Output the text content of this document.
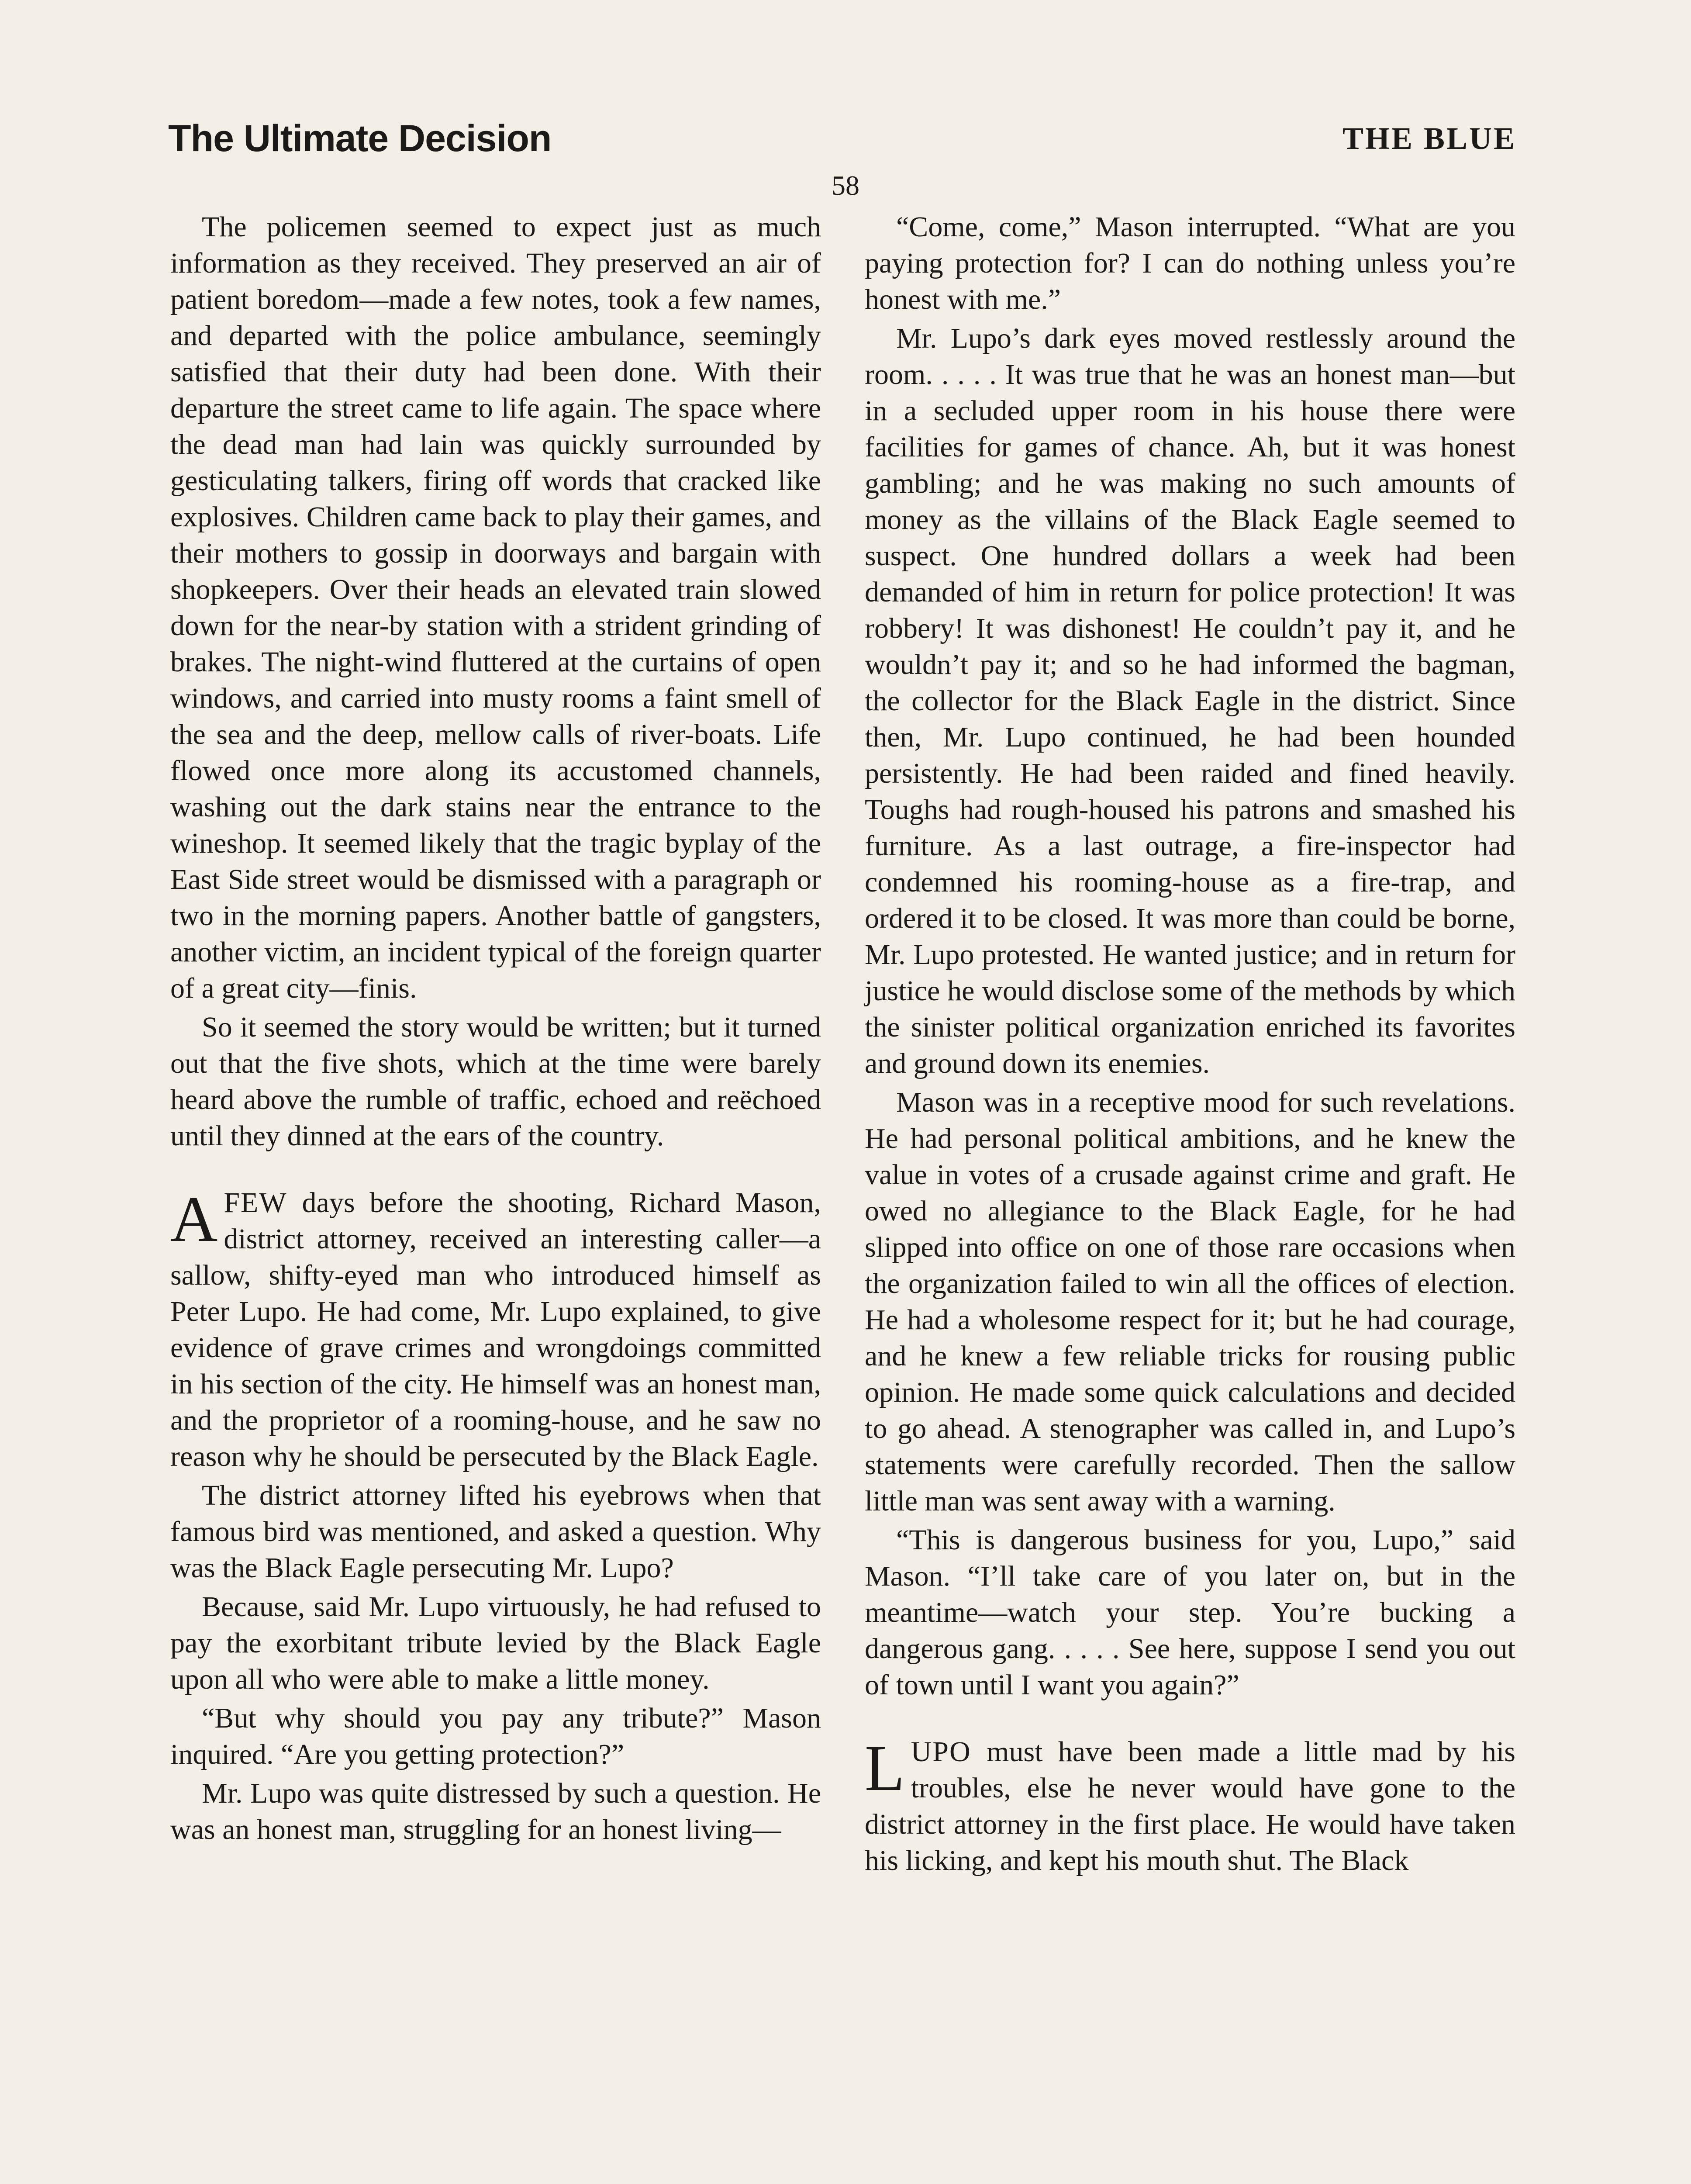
The Ultimate Decision	THE BLUE
58

The policemen seemed to expect just as much information as they received. They preserved an air of patient boredom—made a few notes, took a few names, and departed with the police ambulance, seemingly satisfied that their duty had been done. With their departure the street came to life again. The space where the dead man had lain was quickly surrounded by gesticulating talkers, firing off words that cracked like explosives. Children came back to play their games, and their mothers to gossip in doorways and bargain with shopkeepers. Over their heads an elevated train slowed down for the near-by station with a strident grinding of brakes. The night-wind fluttered at the curtains of open windows, and carried into musty rooms a faint smell of the sea and the deep, mellow calls of river-boats. Life flowed once more along its accustomed channels, washing out the dark stains near the entrance to the wineshop. It seemed likely that the tragic byplay of the East Side street would be dismissed with a paragraph or two in the morning papers. Another battle of gangsters, another victim, an incident typical of the foreign quarter of a great city—finis.

So it seemed the story would be written; but it turned out that the five shots, which at the time were barely heard above the rumble of traffic, echoed and reëchoed until they dinned at the ears of the country.

AFEW days before the shooting, Richard Mason, district attorney, received an interesting caller—a sallow, shifty-eyed man who introduced himself as Peter Lupo. He had come, Mr. Lupo explained, to give evidence of grave crimes and wrongdoings committed in his section of the city. He himself was an honest man, and the proprietor of a rooming-house, and he saw no reason why he should be persecuted by the Black Eagle.

The district attorney lifted his eyebrows when that famous bird was mentioned, and asked a question. Why was the Black Eagle persecuting Mr. Lupo?

Because, said Mr. Lupo virtuously, he had refused to pay the exorbitant tribute levied by the Black Eagle upon all who were able to make a little money.

“But why should you pay any tribute?” Mason inquired. “Are you getting protection?”

Mr. Lupo was quite distressed by such a question. He was an honest man, struggling for an honest living—

“Come, come,” Mason interrupted. “What are you paying protection for? I can do nothing unless you’re honest with me.”

Mr. Lupo’s dark eyes moved restlessly around the room. . . . . It was true that he was an honest man—but in a secluded upper room in his house there were facilities for games of chance. Ah, but it was honest gambling; and he was making no such amounts of money as the villains of the Black Eagle seemed to suspect. One hundred dollars a week had been demanded of him in return for police protection! It was robbery! It was dishonest! He couldn’t pay it, and he wouldn’t pay it; and so he had informed the bagman, the collector for the Black Eagle in the district. Since then, Mr. Lupo continued, he had been hounded persistently. He had been raided and fined heavily. Toughs had rough-housed his patrons and smashed his furniture. As a last outrage, a fire-inspector had condemned his rooming-house as a fire-trap, and ordered it to be closed. It was more than could be borne, Mr. Lupo protested. He wanted justice; and in return for justice he would disclose some of the methods by which the sinister political organization enriched its favorites and ground down its enemies.

Mason was in a receptive mood for such revelations. He had personal political ambitions, and he knew the value in votes of a crusade against crime and graft. He owed no allegiance to the Black Eagle, for he had slipped into office on one of those rare occasions when the organization failed to win all the offices of election. He had a wholesome respect for it; but he had courage, and he knew a few reliable tricks for rousing public opinion. He made some quick calculations and decided to go ahead. A stenographer was called in, and Lupo’s statements were carefully recorded. Then the sallow little man was sent away with a warning.

“This is dangerous business for you, Lupo,” said Mason. “I’ll take care of you later on, but in the meantime—watch your step. You’re bucking a dangerous gang. . . . . See here, suppose I send you out of town until I want you again?”

LUPO must have been made a little mad by his troubles, else he never would have gone to the district attorney in the first place. He would have taken his licking, and kept his mouth shut. The Black
